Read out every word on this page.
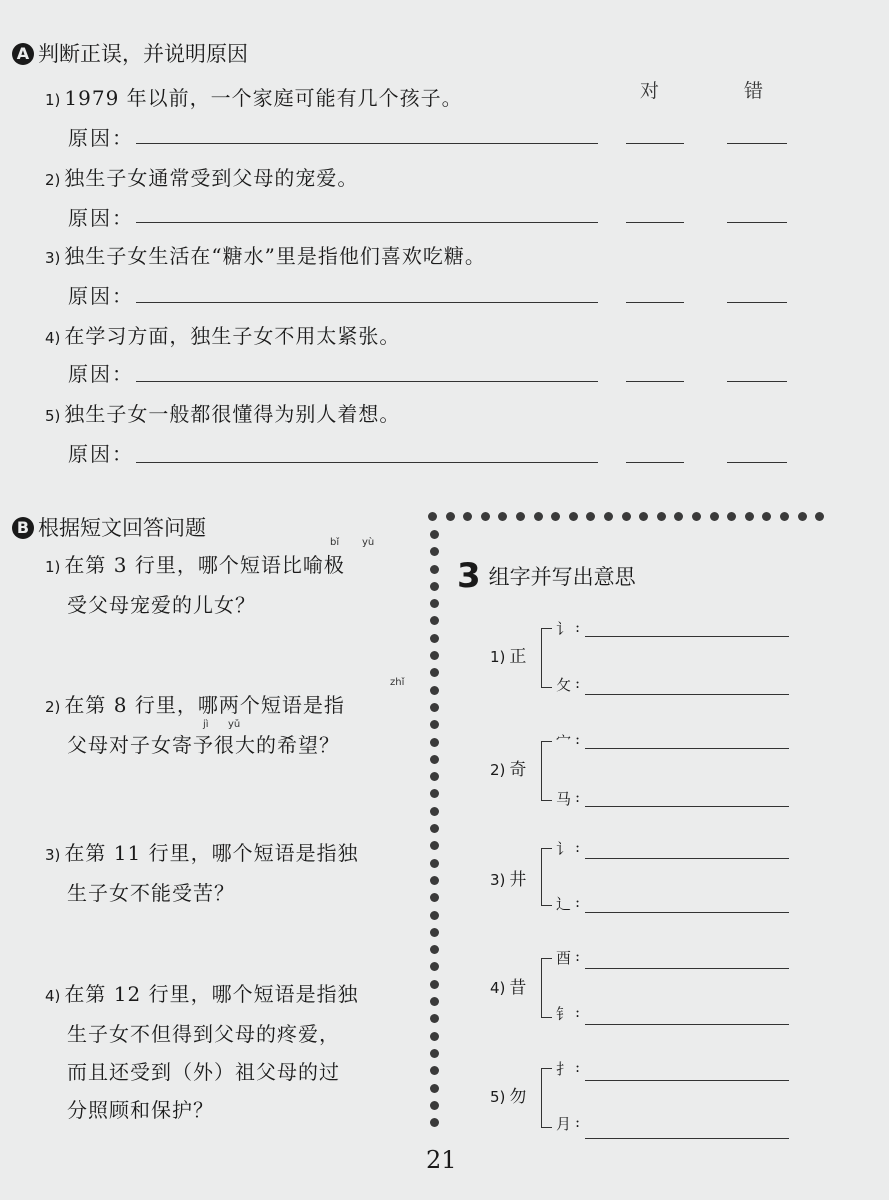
A 判断正误，并说明原因
对	错
1) 1979 年以前，一个家庭可能有几个孩子。
原因：
2) 独生子女通常受到父母的宠爱。
原因：
3) 独生子女生活在“糖水”里是指他们喜欢吃糖。
原因：
4) 在学习方面，独生子女不用太紧张。
原因：
5) 独生子女一般都很懂得为别人着想。
原因：
B 根据短文回答问题
bǐ yù
1) 在第 3 行里，哪个短语比喻极
受父母宠爱的儿女？
zhǐ
jì yǔ
2) 在第 8 行里，哪两个短语是指
父母对子女寄予很大的希望？
3) 在第 11 行里，哪个短语是指独
生子女不能受苦？
4) 在第 12 行里，哪个短语是指独
生子女不但得到父母的疼爱，
而且还受到（外）祖父母的过
分照顾和保护？
3 组字并写出意思
1) 正
讠 :
攵 :
2) 奇
宀 :
马 :
3) 井
讠 :
辶 :
4) 昔
酉 :
钅 :
5) 勿
扌 :
月 :
21
